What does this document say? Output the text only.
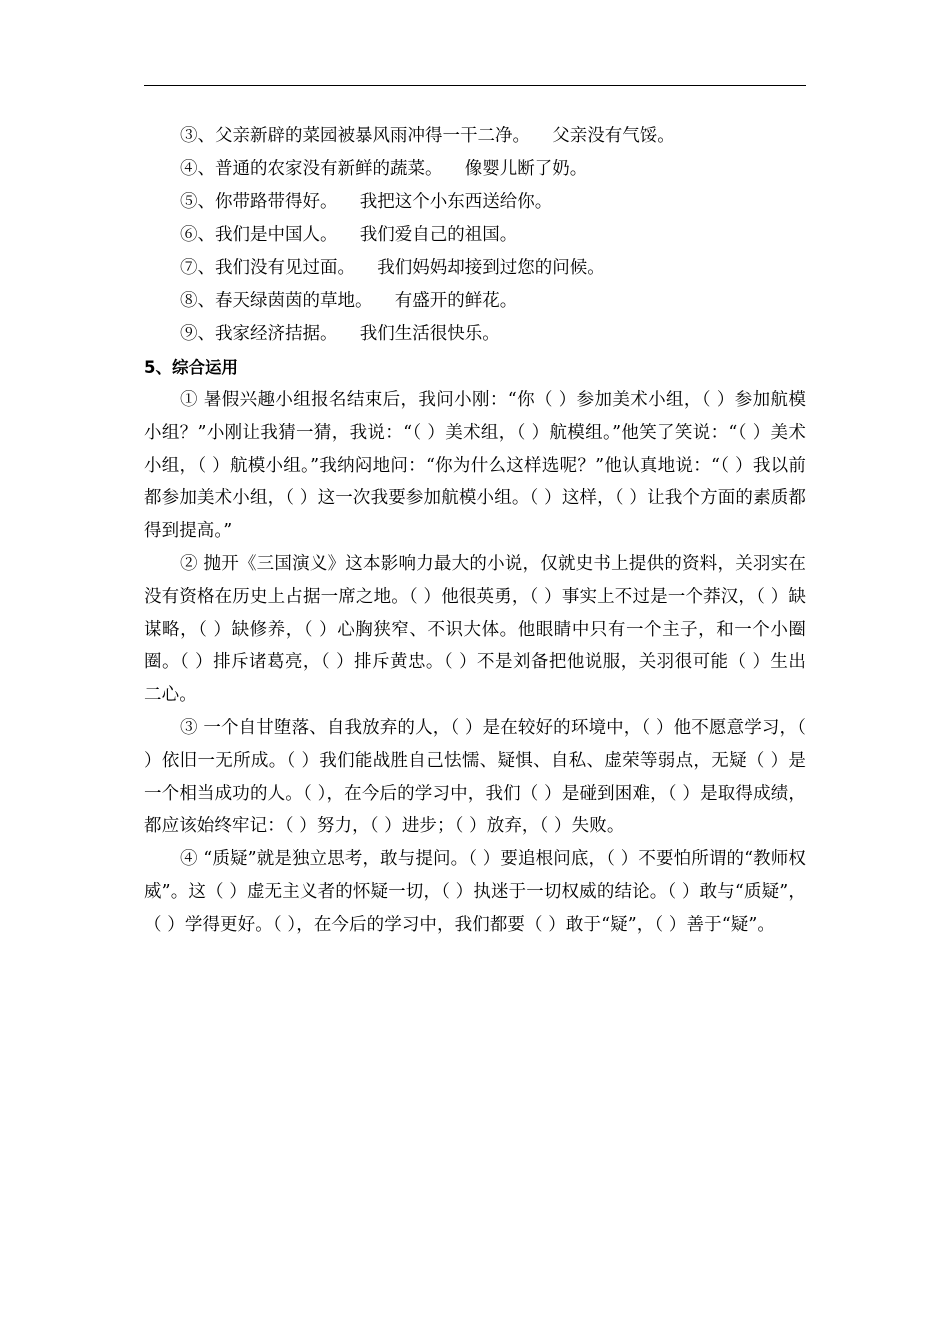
③、父亲新辟的菜园被暴风雨冲得一干二净。    父亲没有气馁。
④、普通的农家没有新鲜的蔬菜。    像婴儿断了奶。
⑤、你带路带得好。    我把这个小东西送给你。
⑥、我们是中国人。    我们爱自己的祖国。
⑦、我们没有见过面。    我们妈妈却接到过您的问候。
⑧、春天绿茵茵的草地。    有盛开的鲜花。
⑨、我家经济拮据。    我们生活很快乐。
5、综合运用

① 暑假兴趣小组报名结束后，我问小刚：“你（ ）参加美术小组，（ ）参加航模小组？”小刚让我猜一猜，我说：“（ ）美术组，（ ）航模组。”他笑了笑说：“（ ）美术小组，（ ）航模小组。”我纳闷地问：“你为什么这样选呢？”他认真地说：“（ ）我以前都参加美术小组，（ ）这一次我要参加航模小组。（ ）这样，（ ）让我个方面的素质都得到提高。”

② 抛开《三国演义》这本影响力最大的小说，仅就史书上提供的资料，关羽实在没有资格在历史上占据一席之地。（ ）他很英勇，（ ）事实上不过是一个莽汉，（ ）缺谋略，（ ）缺修养，（ ）心胸狭窄、不识大体。他眼睛中只有一个主子，和一个小圈圈。（ ）排斥诸葛亮，（ ）排斥黄忠。（ ）不是刘备把他说服，关羽很可能（ ）生出二心。

③ 一个自甘堕落、自我放弃的人，（ ）是在较好的环境中，（ ）他不愿意学习，（ ）依旧一无所成。（ ）我们能战胜自己怯懦、疑惧、自私、虚荣等弱点，无疑（ ）是一个相当成功的人。（ ），在今后的学习中，我们（ ）是碰到困难，（ ）是取得成绩，都应该始终牢记：（ ）努力，（ ）进步；（ ）放弃，（ ）失败。

④ “质疑”就是独立思考，敢与提问。（ ）要追根问底，（ ）不要怕所谓的“教师权威”。这（ ）虚无主义者的怀疑一切，（ ）执迷于一切权威的结论。（ ）敢与“质疑”，（ ）学得更好。（ ），在今后的学习中，我们都要（ ）敢于“疑”，（ ）善于“疑”。
